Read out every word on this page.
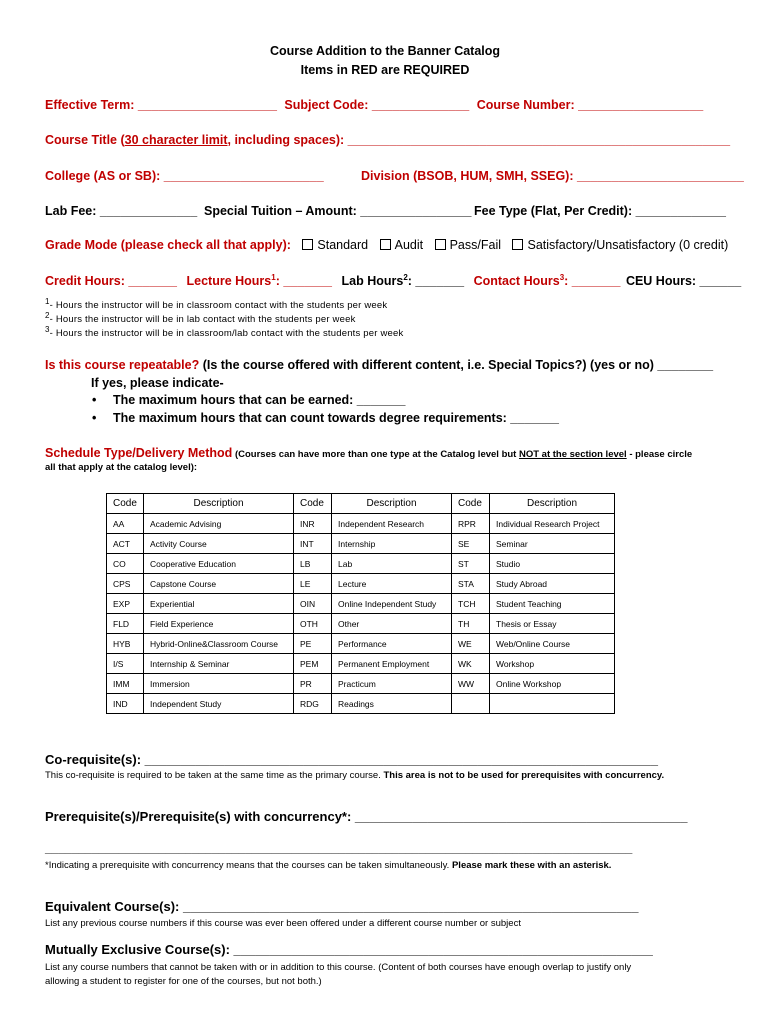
Course Addition to the Banner Catalog
Items in RED are REQUIRED
Effective Term: ____________________ Subject Code: ______________ Course Number: __________________
Course Title (30 character limit, including spaces): _______________________________________________________
College (AS or SB): _______________________	Division (BSOB, HUM, SMH, SSEG): ________________________
Lab Fee: ______________ Special Tuition – Amount: ________________ Fee Type (Flat, Per Credit): _____________
Grade Mode (please check all that apply): Standard Audit Pass/Fail Satisfactory/Unsatisfactory (0 credit)
Credit Hours: _______ Lecture Hours$^1$: _______ Lab Hours$^2$: _______ Contact Hours$^3$: _______ CEU Hours: ______
$^1$- Hours the instructor will be in classroom contact with the students per week
$^2$- Hours the instructor will be in lab contact with the students per week
$^3$- Hours the instructor will be in classroom/lab contact with the students per week
Is this course repeatable? (Is the course offered with different content, i.e. Special Topics?) (yes or no) ________
If yes, please indicate-
• The maximum hours that can be earned: _______
• The maximum hours that can count towards degree requirements: _______
Schedule Type/Delivery Method (Courses can have more than one type at the Catalog level but NOT at the section level - please circle
all that apply at the catalog level):
Code	Description	Code	Description	Code	Description
AA	Academic Advising	INR	Independent Research	RPR	Individual Research Project
ACT	Activity Course	INT	Internship	SE	Seminar
CO	Cooperative Education	LB	Lab	ST	Studio
CPS	Capstone Course	LE	Lecture	STA	Study Abroad
EXP	Experiential	OIN	Online Independent Study	TCH	Student Teaching
FLD	Field Experience	OTH	Other	TH	Thesis or Essay
HYB	Hybrid-Online&Classroom Course	PE	Performance	WE	Web/Online Course
I/S	Internship & Seminar	PEM	Permanent Employment	WK	Workshop
IMM	Immersion	PR	Practicum	WW	Online Workshop
IND	Independent Study	RDG	Readings		
Co-requisite(s): _______________________________________________________________________
This co-requisite is required to be taken at the same time as the primary course. This area is not to be used for prerequisites with concurrency.
Prerequisite(s)/Prerequisite(s) with concurrency*: ______________________________________________
________________________________________________________________________________________
*Indicating a prerequisite with concurrency means that the courses can be taken simultaneously. Please mark these with an asterisk.
Equivalent Course(s): _______________________________________________________________
List any previous course numbers if this course was ever been offered under a different course number or subject
Mutually Exclusive Course(s): __________________________________________________________
List any course numbers that cannot be taken with or in addition to this course. (Content of both courses have enough overlap to justify only
allowing a student to register for one of the courses, but not both.)
